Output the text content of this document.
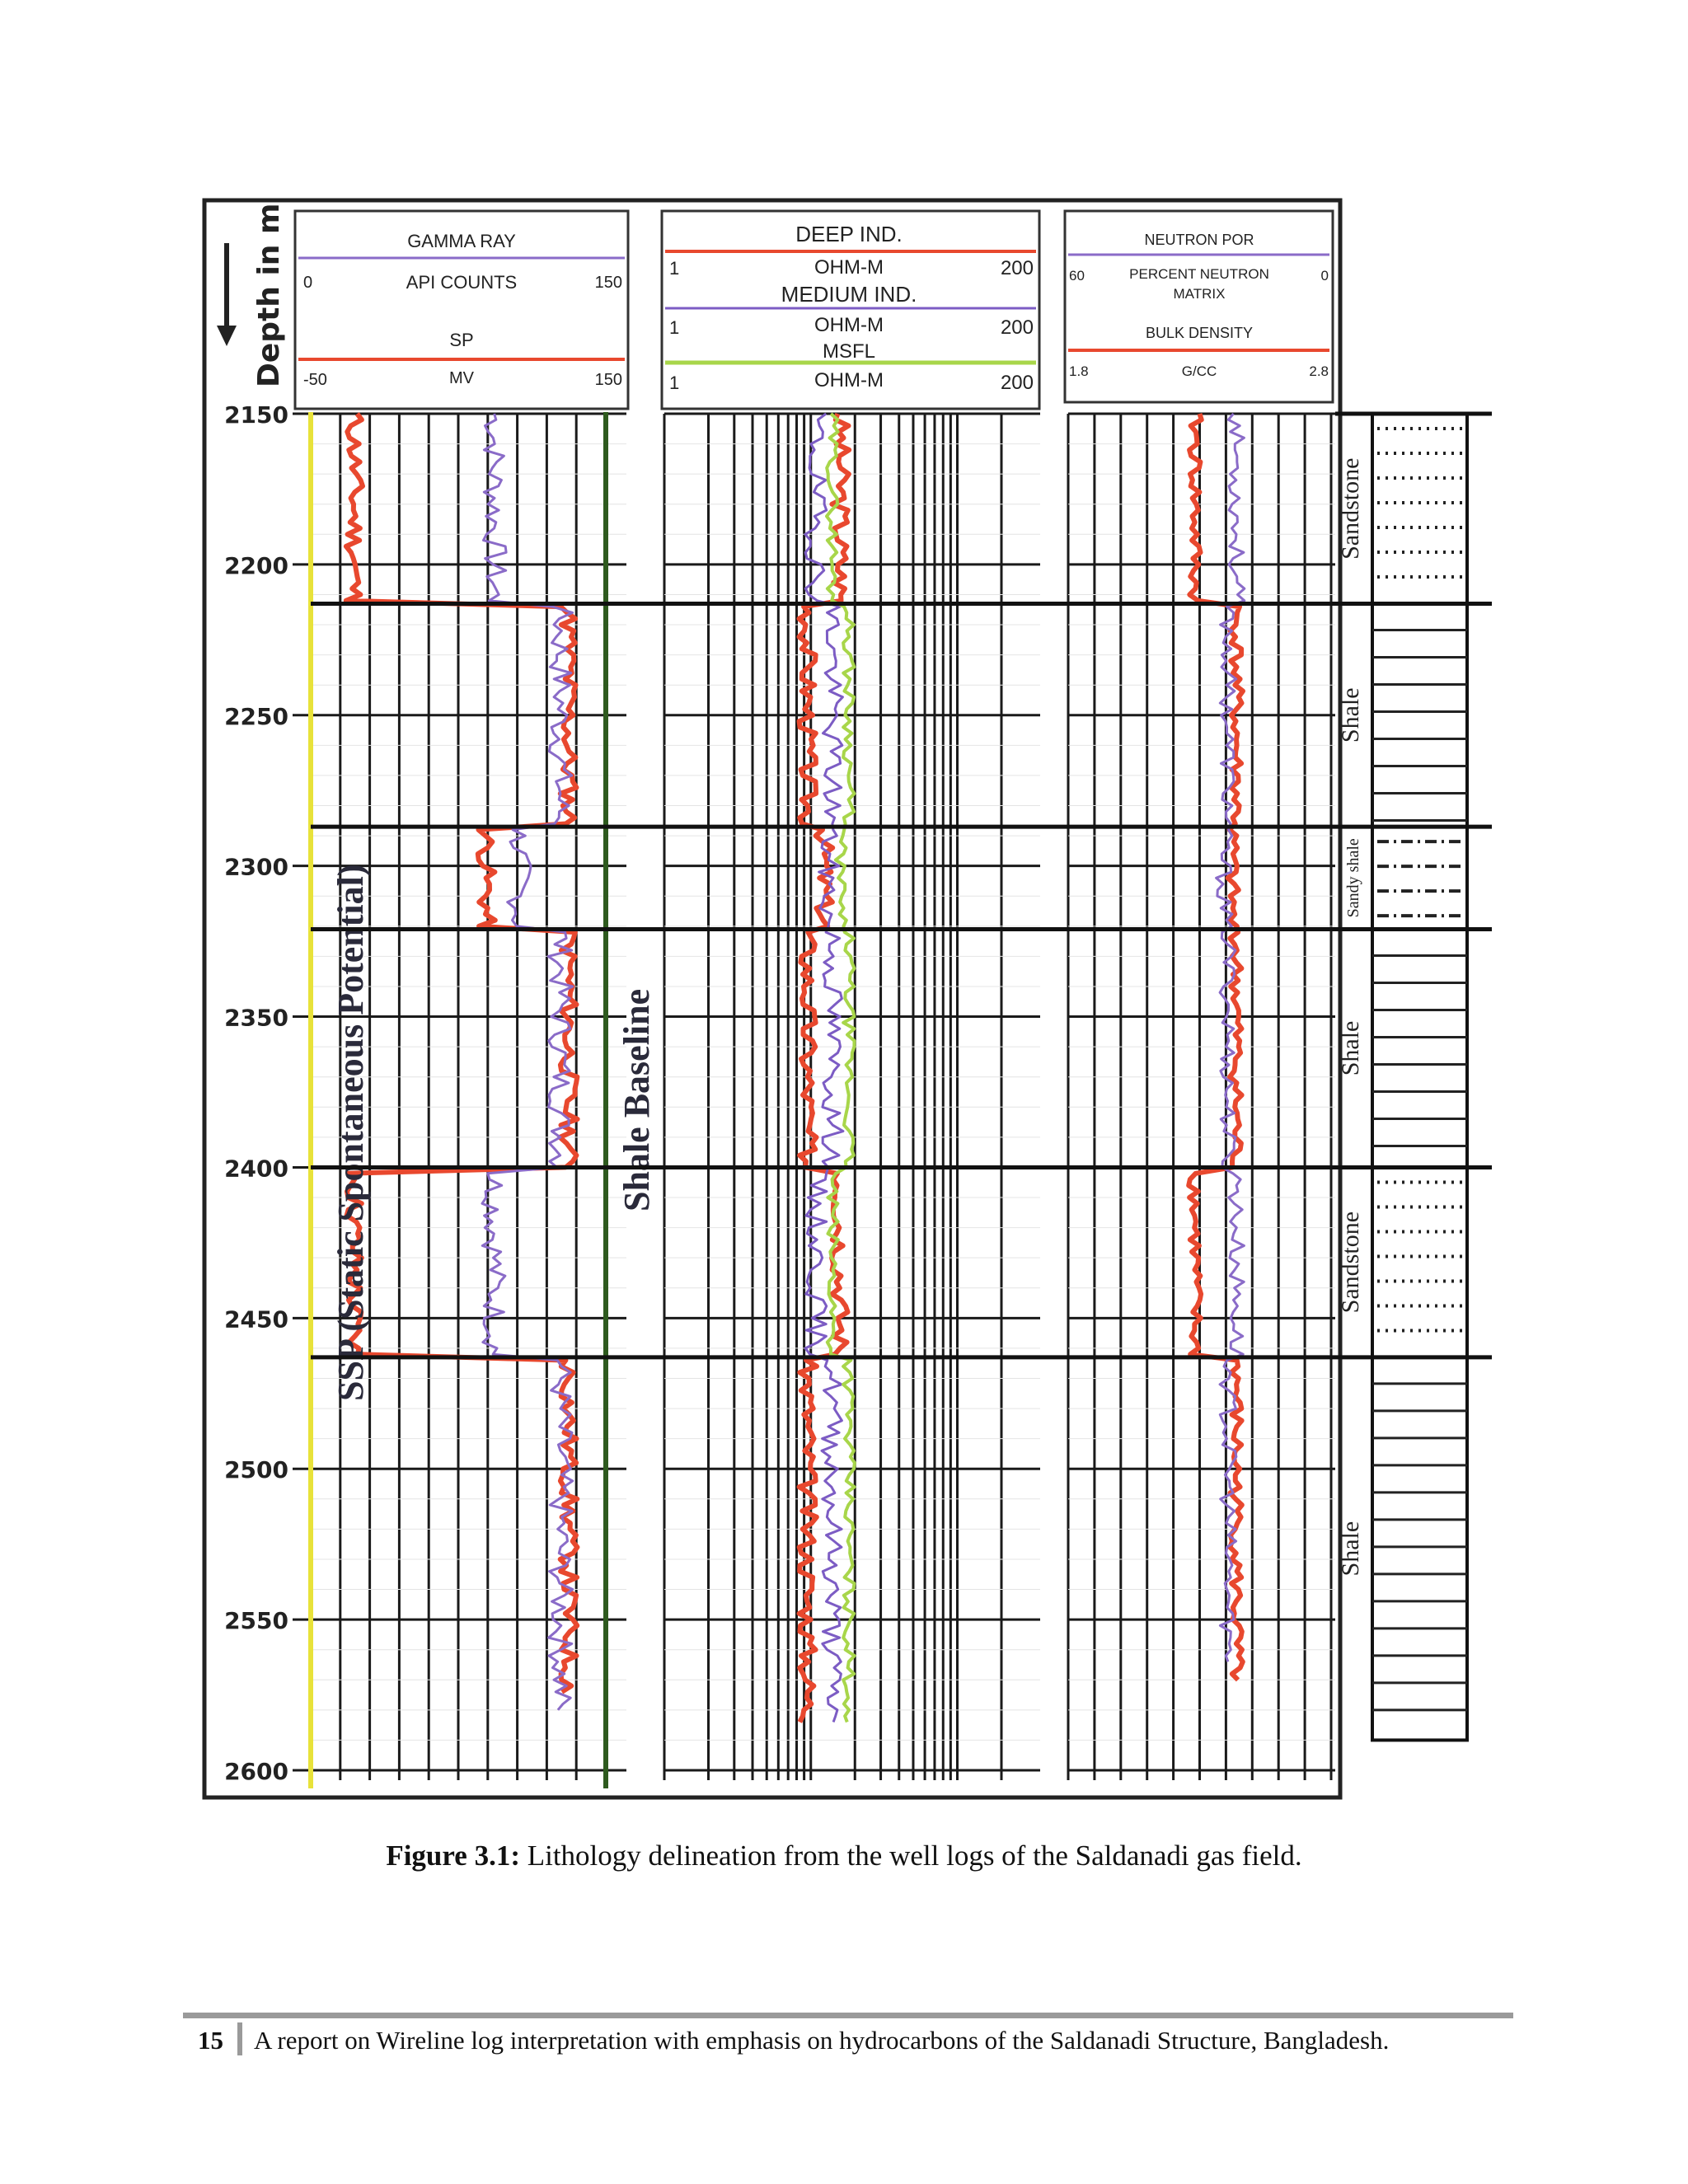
GAMMA RAY
0	API COUNTS	150
SP
-50	MV	150
DEEP IND.
1	OHM-M	200
MEDIUM IND.
1	OHM-M	200
MSFL
1	OHM-M	200
NEUTRON POR
60	PERCENT NEUTRON
MATRIX
0
BULK DENSITY
1.8	G/CC	2.8
Depth in m
2150
2200
2250
2300
2350
2400
2450
2500
2550
2600
SSP (Static Spontaneous Potential)	Shale Baseline
Sandstone
Shale
Sandy shale
Shale
Sandstone
Shale
Figure 3.1: Lithology delineation from the well logs of the Saldanadi gas field.
15 A report on Wireline log interpretation with emphasis on hydrocarbons of the Saldanadi Structure, Bangladesh.
